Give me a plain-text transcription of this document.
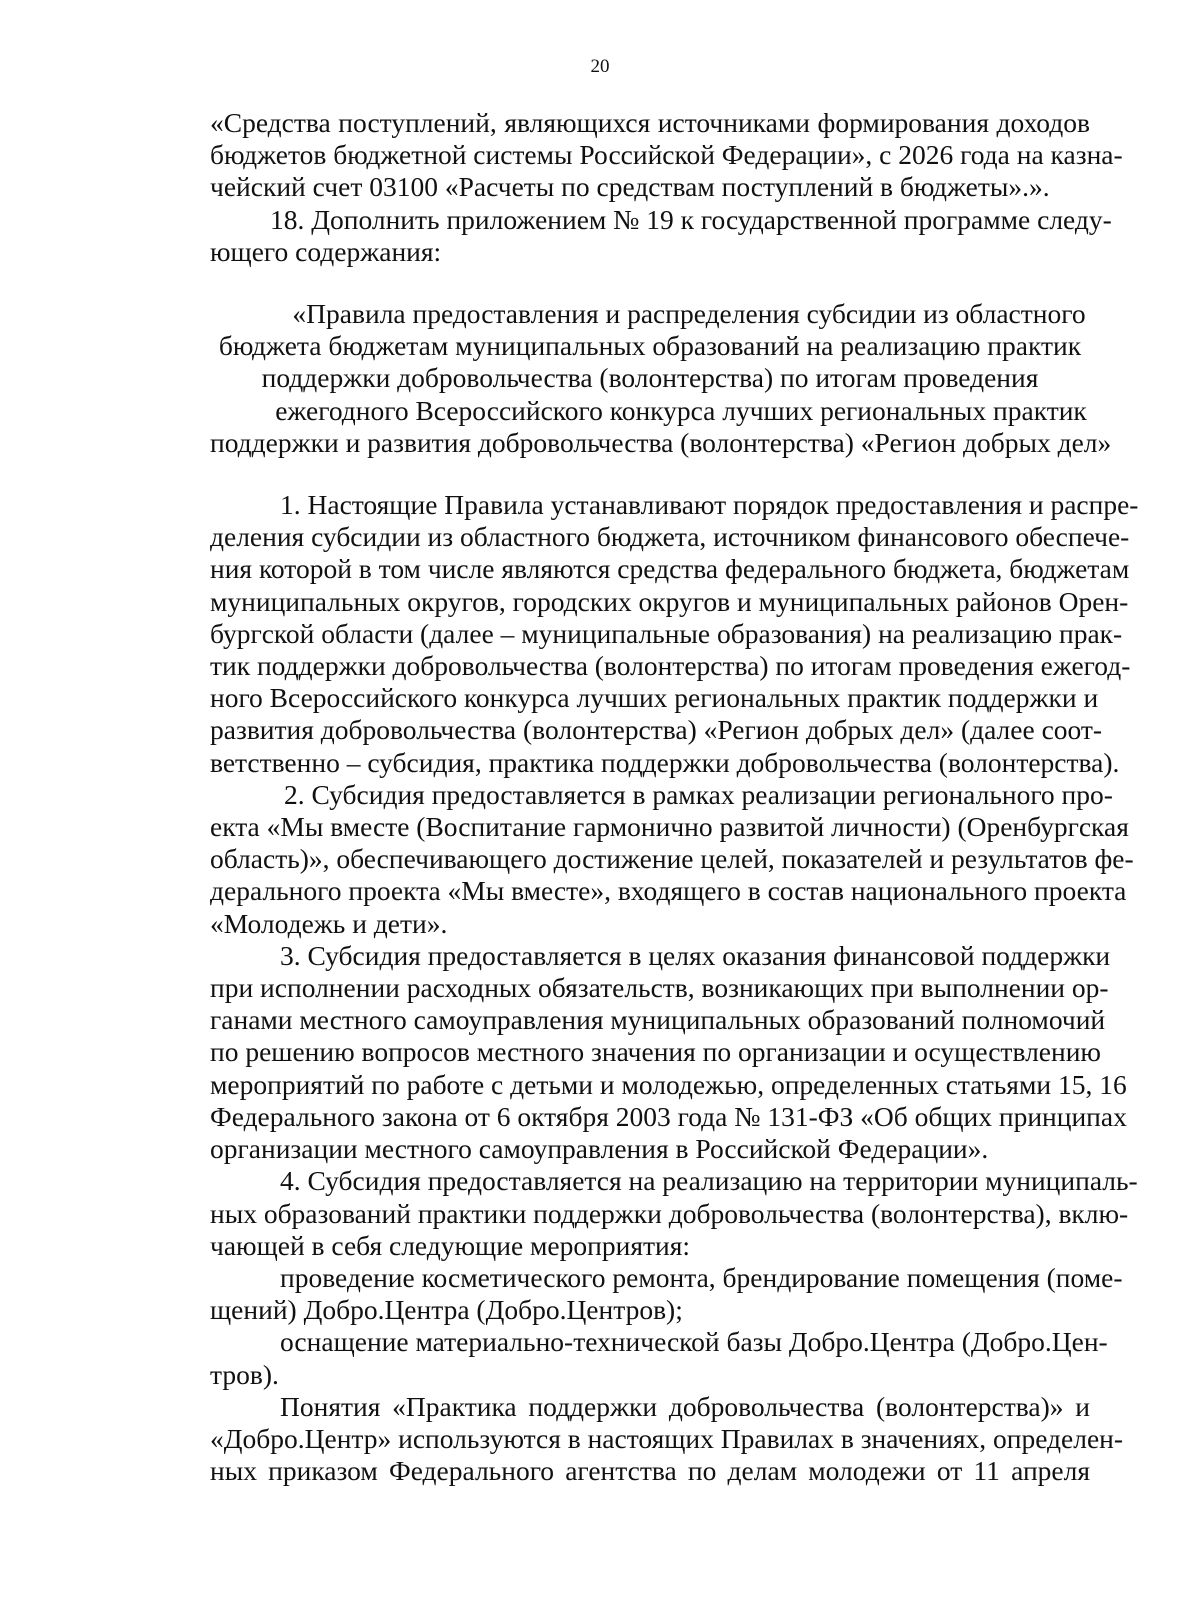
20
«Средства поступлений, являющихся источниками формирования доходов
бюджетов бюджетной системы Российской Федерации», с 2026 года на казна-
чейский счет 03100 «Расчеты по средствам поступлений в бюджеты».».
18. Дополнить приложением № 19 к государственной программе следу-
ющего содержания:
«Правила предоставления и распределения субсидии из областного
бюджета бюджетам муниципальных образований на реализацию практик
поддержки добровольчества (волонтерства) по итогам проведения
ежегодного Всероссийского конкурса лучших региональных практик
поддержки и развития добровольчества (волонтерства) «Регион добрых дел»
1. Настоящие Правила устанавливают порядок предоставления и распре-
деления субсидии из областного бюджета, источником финансового обеспече-
ния которой в том числе являются средства федерального бюджета, бюджетам
муниципальных округов, городских округов и муниципальных районов Орен-
бургской области (далее – муниципальные образования) на реализацию прак-
тик поддержки добровольчества (волонтерства) по итогам проведения ежегод-
ного Всероссийского конкурса лучших региональных практик поддержки и
развития добровольчества (волонтерства) «Регион добрых дел» (далее соот-
ветственно – субсидия, практика поддержки добровольчества (волонтерства).
2. Субсидия предоставляется в рамках реализации регионального про-
екта «Мы вместе (Воспитание гармонично развитой личности) (Оренбургская
область)», обеспечивающего достижение целей, показателей и результатов фе-
дерального проекта «Мы вместе», входящего в состав национального проекта
«Молодежь и дети».
3. Субсидия предоставляется в целях оказания финансовой поддержки
при исполнении расходных обязательств, возникающих при выполнении ор-
ганами местного самоуправления муниципальных образований полномочий
по решению вопросов местного значения по организации и осуществлению
мероприятий по работе с детьми и молодежью, определенных статьями 15, 16
Федерального закона от 6 октября 2003 года № 131-ФЗ «Об общих принципах
организации местного самоуправления в Российской Федерации».
4. Субсидия предоставляется на реализацию на территории муниципаль-
ных образований практики поддержки добровольчества (волонтерства), вклю-
чающей в себя следующие мероприятия:
проведение косметического ремонта, брендирование помещения (поме-
щений) Добро.Центра (Добро.Центров);
оснащение материально-технической базы Добро.Центра (Добро.Цен-
тров).
Понятия «Практика поддержки добровольчества (волонтерства)» и
«Добро.Центр» используются в настоящих Правилах в значениях, определен-
ных приказом Федерального агентства по делам молодежи от 11 апреля
